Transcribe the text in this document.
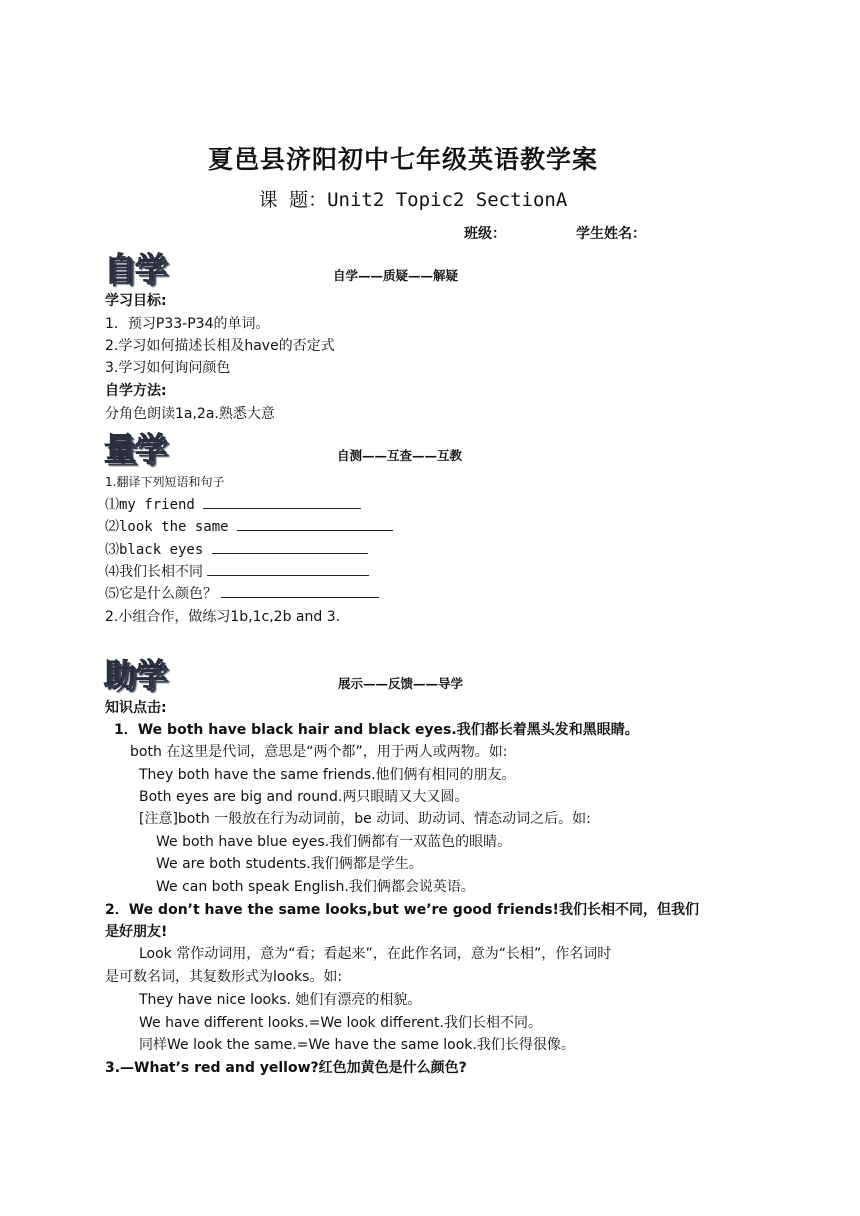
夏邑县济阳初中七年级英语教学案
课 题：Unit2 Topic2 SectionA
班级：	学生姓名：
自学	自学——质疑——解疑
学习目标:
1．预习P33-P34的单词。
2.学习如何描述长相及have的否定式
3.学习如何询问颜色
自学方法:
分角色朗读1a,2a.熟悉大意
量学	自测——互查——互教
1.翻译下列短语和句子
⑴my friend
⑵look the same
⑶black eyes
⑷我们长相不同
⑸它是什么颜色？
2.小组合作，做练习1b,1c,2b and 3.
助学	展示——反馈——导学
知识点击:
1．We both have black hair and black eyes.我们都长着黑头发和黑眼睛。
both 在这里是代词，意思是“两个都”，用于两人或两物。如:
They both have the same friends.他们俩有相同的朋友。
Both eyes are big and round.两只眼睛又大又圆。
[注意]both 一般放在行为动词前，be 动词、助动词、情态动词之后。如:
We both have blue eyes.我们俩都有一双蓝色的眼睛。
We are both students.我们俩都是学生。
We can both speak English.我们俩都会说英语。
2．We don’t have the same looks,but we’re good friends!我们长相不同，但我们
是好朋友!
Look 常作动词用，意为“看；看起来”，在此作名词，意为“长相”，作名词时
是可数名词，其复数形式为looks。如:
They have nice looks. 她们有漂亮的相貌。
We have different looks.=We look different.我们长相不同。
同样We look the same.=We have the same look.我们长得很像。
3.—What’s red and yellow?红色加黄色是什么颜色?
